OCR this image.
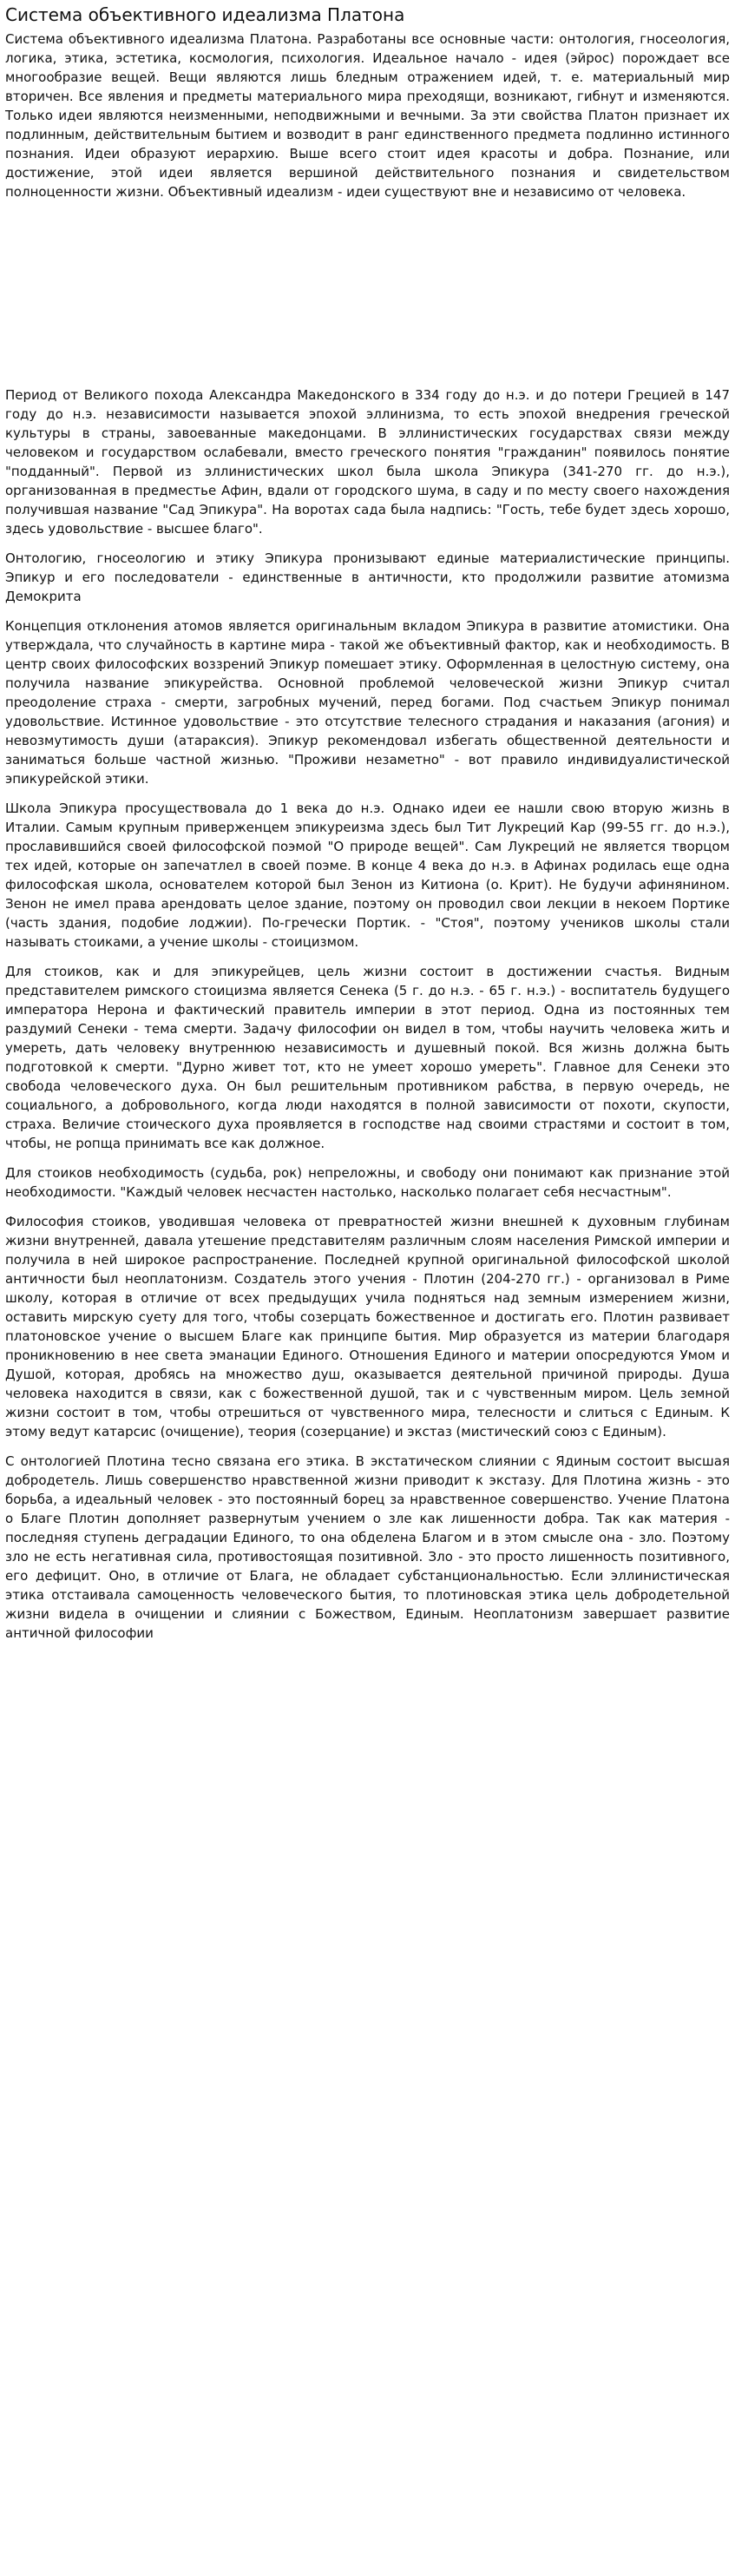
Система объективного идеализма Платона

Система объективного идеализма Платона. Разработаны все основные части: онтология, гносеология, логика, этика, эстетика, космология, психология. Идеальное начало - идея (эйрос) порождает все многообразие вещей. Вещи являются лишь бледным отражением идей, т. е. материальный мир вторичен. Все явления и предметы материального мира преходящи, возникают, гибнут и изменяются. Только идеи являются неизменными, неподвижными и вечными. За эти свойства Платон признает их подлинным, действительным бытием и возводит в ранг единственного предмета подлинно истинного познания. Идеи образуют иерархию. Выше всего стоит идея красоты и добра. Познание, или достижение, этой идеи является вершиной действительного познания и свидетельством полноценности жизни. Объективный идеализм - идеи существуют вне и независимо от человека.

Период от Великого похода Александра Македонского в 334 году до н.э. и до потери Грецией в 147 году до н.э. независимости называется эпохой эллинизма, то есть эпохой внедрения греческой культуры в страны, завоеванные македонцами. В эллинистических государствах связи между человеком и государством ослабевали, вместо греческого понятия "гражданин" появилось понятие "подданный". Первой из эллинистических школ была школа Эпикура (341-270 гг. до н.э.), организованная в предместье Афин, вдали от городского шума, в саду и по месту своего нахождения получившая название "Сад Эпикура". На воротах сада была надпись: "Гость, тебе будет здесь хорошо, здесь удовольствие - высшее благо".

Онтологию, гносеологию и этику Эпикура пронизывают единые материалистические принципы. Эпикур и его последователи - единственные в античности, кто продолжили развитие атомизма Демокрита

Концепция отклонения атомов является оригинальным вкладом Эпикура в развитие атомистики. Она утверждала, что случайность в картине мира - такой же объективный фактор, как и необходимость. В центр своих философских воззрений Эпикур помешает этику. Оформленная в целостную систему, она получила название эпикурейства. Основной проблемой человеческой жизни Эпикур считал преодоление страха - смерти, загробных мучений, перед богами. Под счастьем Эпикур понимал удовольствие. Истинное удовольствие - это отсутствие телесного страдания и наказания (агония) и невозмутимость души (атараксия). Эпикур рекомендовал избегать общественной деятельности и заниматься больше частной жизнью. "Проживи незаметно" - вот правило индивидуалистической эпикурейской этики.

Школа Эпикура просуществовала до 1 века до н.э. Однако идеи ее нашли свою вторую жизнь в Италии. Самым крупным приверженцем эпикуреизма здесь был Тит Лукреций Кар (99-55 гг. до н.э.), прославившийся своей философской поэмой "О природе вещей". Сам Лукреций не является творцом тех идей, которые он запечатлел в своей поэме. В конце 4 века до н.э. в Афинах родилась еще одна философская школа, основателем которой был Зенон из Китиона (о. Крит). Не будучи афинянином. Зенон не имел права арендовать целое здание, поэтому он проводил свои лекции в некоем Портике (часть здания, подобие лоджии). По-гречески Портик. - "Стоя", поэтому учеников школы стали называть стоиками, а учение школы - стоицизмом.

Для стоиков, как и для эпикурейцев, цель жизни состоит в достижении счастья. Видным представителем римского стоицизма является Сенека (5 г. до н.э. - 65 г. н.э.) - воспитатель будущего императора Нерона и фактический правитель империи в этот период. Одна из постоянных тем раздумий Сенеки - тема смерти. Задачу философии он видел в том, чтобы научить человека жить и умереть, дать человеку внутреннюю независимость и душевный покой. Вся жизнь должна быть подготовкой к смерти. "Дурно живет тот, кто не умеет хорошо умереть". Главное для Сенеки это свобода человеческого духа. Он был решительным противником рабства, в первую очередь, не социального, а добровольного, когда люди находятся в полной зависимости от похоти, скупости, страха. Величие стоического духа проявляется в господстве над своими страстями и состоит в том, чтобы, не ропща принимать все как должное.

Для стоиков необходимость (судьба, рок) непреложны, и свободу они понимают как признание этой необходимости. "Каждый человек несчастен настолько, насколько полагает себя несчастным".

Философия стоиков, уводившая человека от превратностей жизни внешней к духовным глубинам жизни внутренней, давала утешение представителям различным слоям населения Римской империи и получила в ней широкое распространение. Последней крупной оригинальной философской школой античности был неоплатонизм. Создатель этого учения - Плотин (204-270 гг.) - организовал в Риме школу, которая в отличие от всех предыдущих учила подняться над земным измерением жизни, оставить мирскую суету для того, чтобы созерцать божественное и достигать его. Плотин развивает платоновское учение о высшем Благе как принципе бытия. Мир образуется из материи благодаря проникновению в нее света эманации Единого. Отношения Единого и материи опосредуются Умом и Душой, которая, дробясь на множество душ, оказывается деятельной причиной природы. Душа человека находится в связи, как с божественной душой, так и с чувственным миром. Цель земной жизни состоит в том, чтобы отрешиться от чувственного мира, телесности и слиться с Единым. К этому ведут катарсис (очищение), теория (созерцание) и экстаз (мистический союз с Единым).

С онтологией Плотина тесно связана его этика. В экстатическом слиянии с Ядиным состоит высшая добродетель. Лишь совершенство нравственной жизни приводит к экстазу. Для Плотина жизнь - это борьба, а идеальный человек - это постоянный борец за нравственное совершенство. Учение Платона о Благе Плотин дополняет развернутым учением о зле как лишенности добра. Так как материя - последняя ступень деградации Единого, то она обделена Благом и в этом смысле она - зло. Поэтому зло не есть негативная сила, противостоящая позитивной. Зло - это просто лишенность позитивного, его дефицит. Оно, в отличие от Блага, не обладает субстанциональностью. Если эллинистическая этика отстаивала самоценность человеческого бытия, то плотиновская этика цель добродетельной жизни видела в очищении и слиянии с Божеством, Единым. Неоплатонизм завершает развитие античной философии
